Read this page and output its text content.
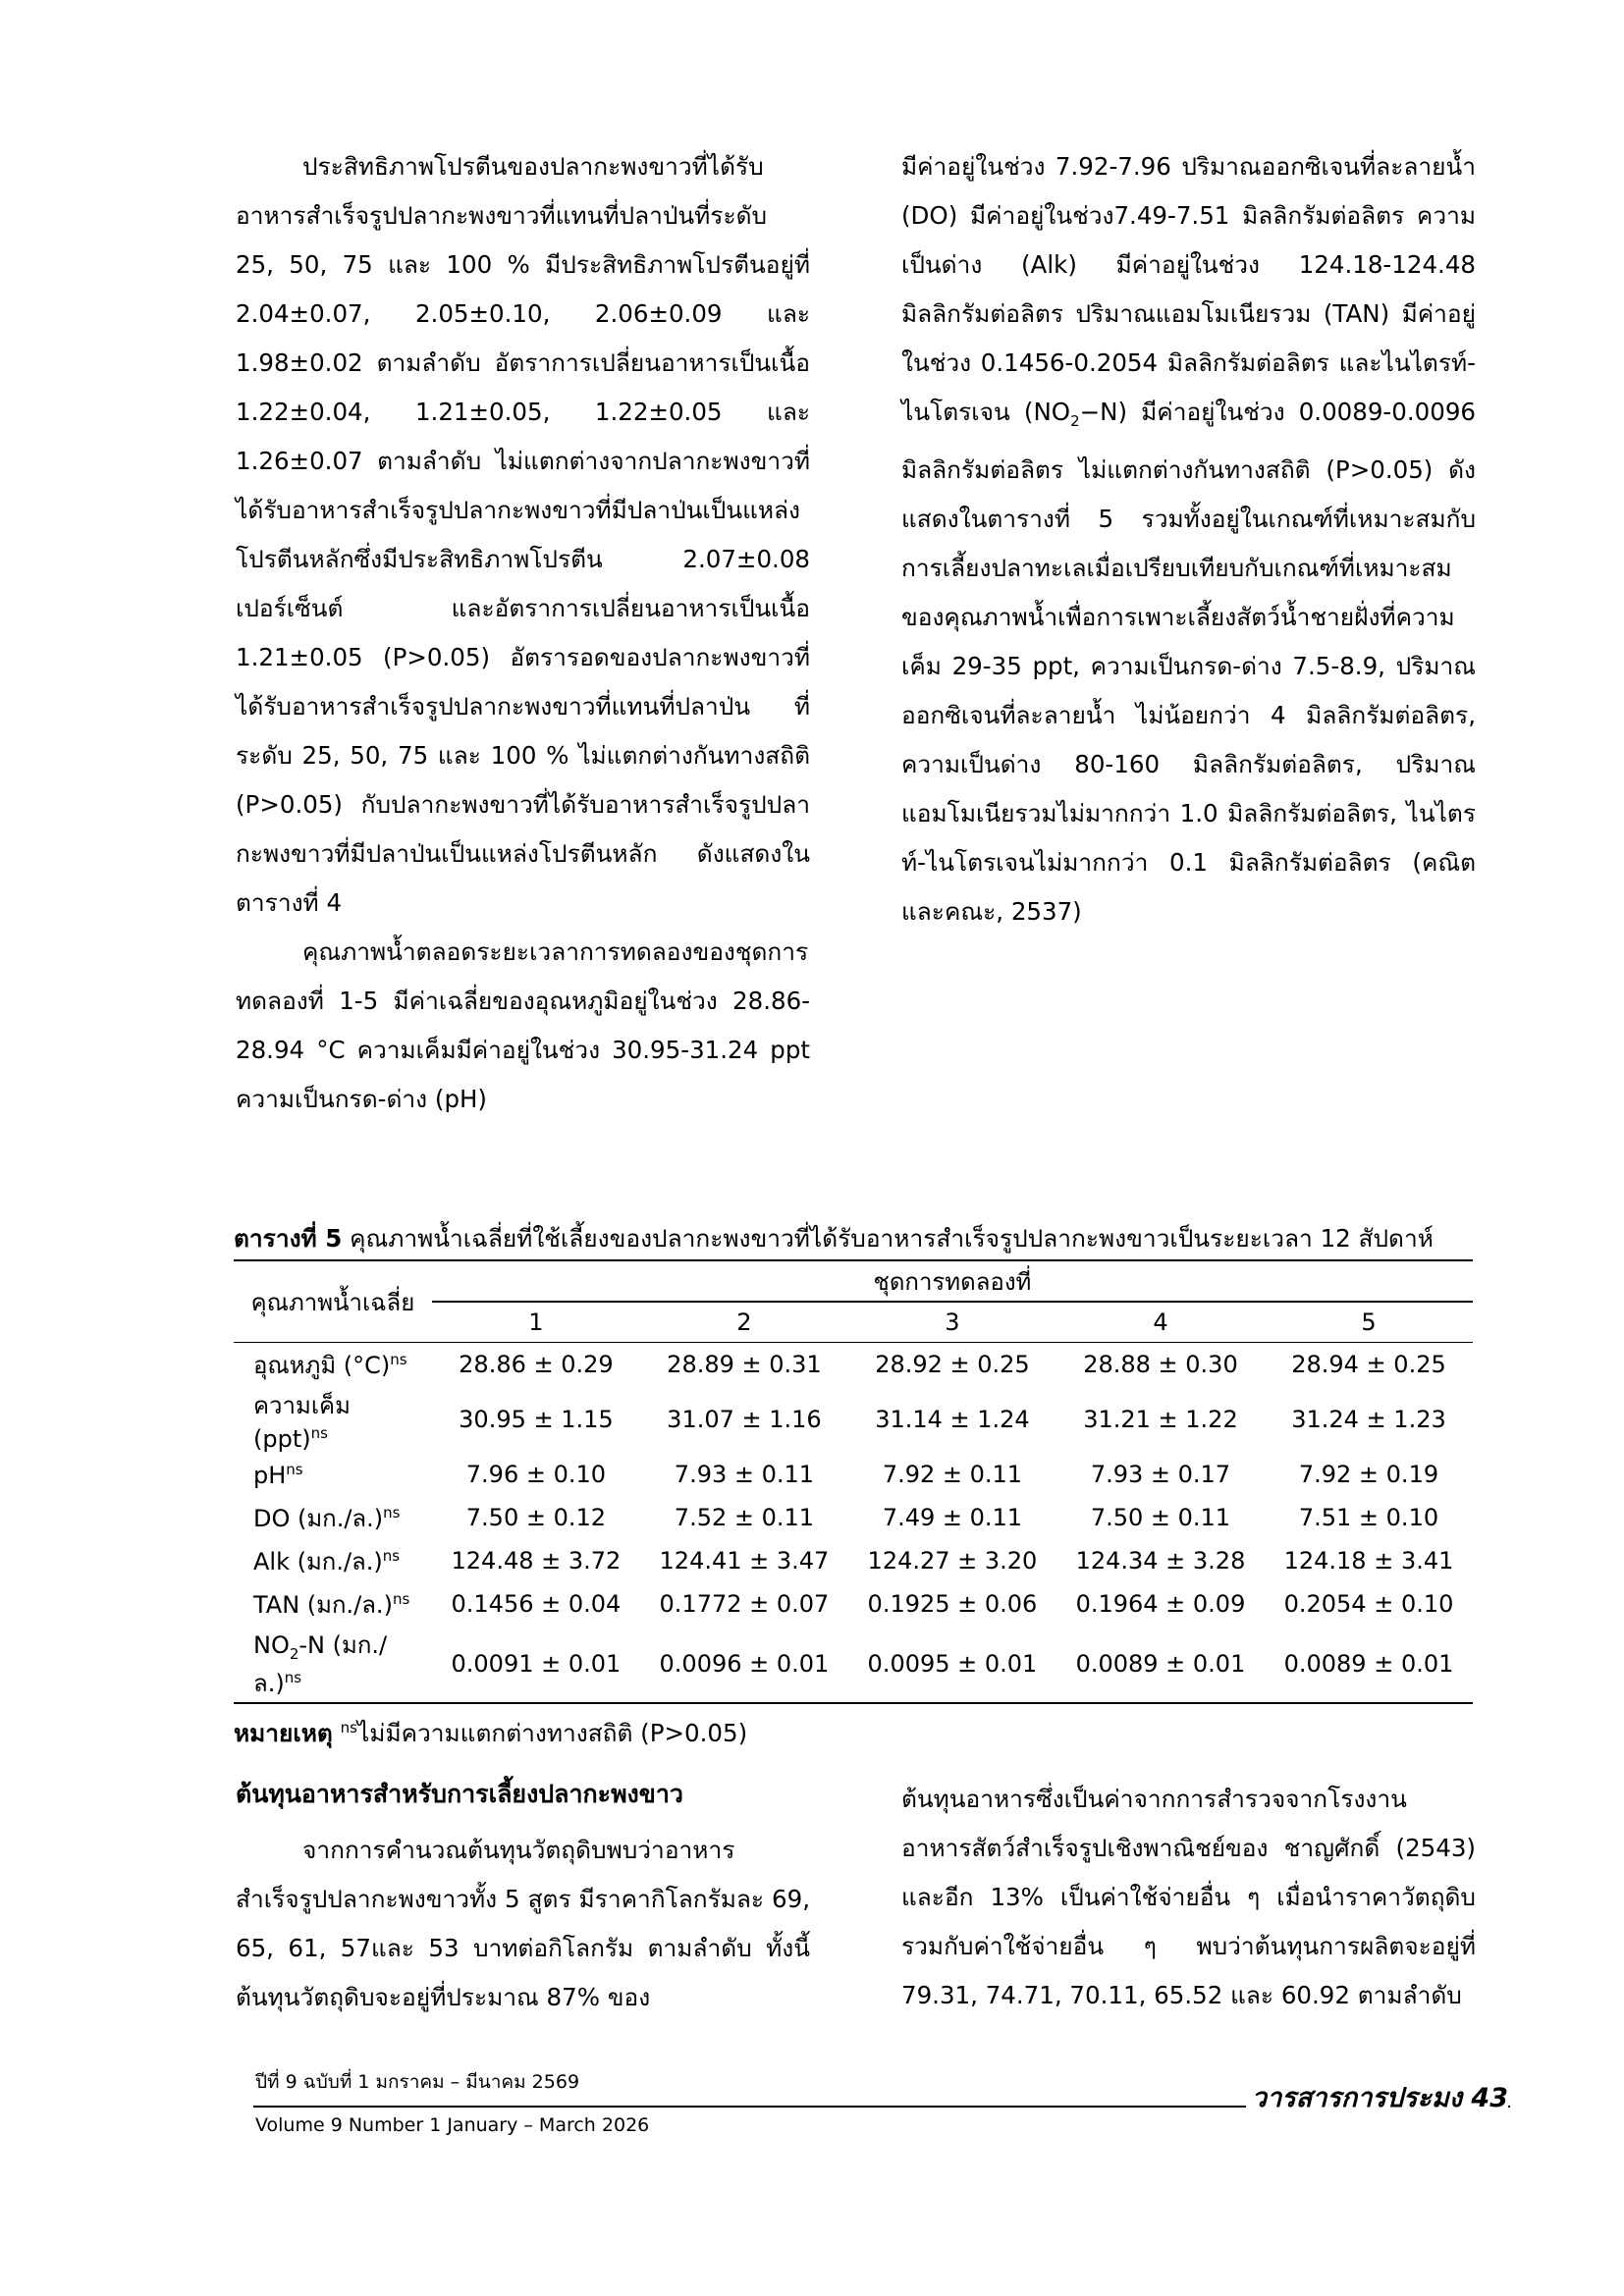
ประสิทธิภาพโปรตีนของปลากะพงขาวที่ได้รับอาหารสำเร็จรูปปลากะพงขาวที่แทนที่ปลาป่นที่ระดับ 25, 50, 75 และ 100 % มีประสิทธิภาพโปรตีนอยู่ที่ 2.04±0.07, 2.05±0.10, 2.06±0.09 และ 1.98±0.02 ตามลำดับ อัตราการเปลี่ยนอาหารเป็นเนื้อ 1.22±0.04, 1.21±0.05, 1.22±0.05 และ 1.26±0.07 ตามลำดับ ไม่แตกต่างจากปลากะพงขาวที่ได้รับอาหารสำเร็จรูปปลากะพงขาวที่มีปลาป่นเป็นแหล่งโปรตีนหลักซึ่งมีประสิทธิภาพโปรตีน 2.07±0.08 เปอร์เซ็นต์ และอัตราการเปลี่ยนอาหารเป็นเนื้อ 1.21±0.05 (P>0.05) อัตรารอดของปลากะพงขาวที่ได้รับอาหารสำเร็จรูปปลากะพงขาวที่แทนที่ปลาป่น ที่ระดับ 25, 50, 75 และ 100 % ไม่แตกต่างกันทางสถิติ (P>0.05) กับปลากะพงขาวที่ได้รับอาหารสำเร็จรูปปลากะพงขาวที่มีปลาป่นเป็นแหล่งโปรตีนหลัก ดังแสดงในตารางที่ 4

คุณภาพน้ำตลอดระยะเวลาการทดลองของชุดการทดลองที่ 1-5 มีค่าเฉลี่ยของอุณหภูมิอยู่ในช่วง 28.86-28.94 °C ความเค็มมีค่าอยู่ในช่วง 30.95-31.24 ppt ความเป็นกรด-ด่าง (pH)

มีค่าอยู่ในช่วง 7.92-7.96 ปริมาณออกซิเจนที่ละลายน้ำ (DO) มีค่าอยู่ในช่วง7.49-7.51 มิลลิกรัมต่อลิตร ความเป็นด่าง (Alk) มีค่าอยู่ในช่วง 124.18-124.48 มิลลิกรัมต่อลิตร ปริมาณแอมโมเนียรวม (TAN) มีค่าอยู่ในช่วง 0.1456-0.2054 มิลลิกรัมต่อลิตร และไนไตรท์-ไนโตรเจน $(NO_2-N)$ มีค่าอยู่ในช่วง 0.0089-0.0096 มิลลิกรัมต่อลิตร ไม่แตกต่างกันทางสถิติ (P>0.05) ดังแสดงในตารางที่ 5 รวมทั้งอยู่ในเกณฑ์ที่เหมาะสมกับการเลี้ยงปลาทะเลเมื่อเปรียบเทียบกับเกณฑ์ที่เหมาะสมของคุณภาพน้ำเพื่อการเพาะเลี้ยงสัตว์น้ำชายฝั่งที่ความเค็ม 29-35 ppt, ความเป็นกรด-ด่าง 7.5-8.9, ปริมาณออกซิเจนที่ละลายน้ำ ไม่น้อยกว่า 4 มิลลิกรัมต่อลิตร, ความเป็นด่าง 80-160 มิลลิกรัมต่อลิตร, ปริมาณแอมโมเนียรวมไม่มากกว่า 1.0 มิลลิกรัมต่อลิตร, ไนไตรท์-ไนโตรเจนไม่มากกว่า 0.1 มิลลิกรัมต่อลิตร (คณิต และคณะ, 2537)

ตารางที่ 5 คุณภาพน้ำเฉลี่ยที่ใช้เลี้ยงของปลากะพงขาวที่ได้รับอาหารสำเร็จรูปปลากะพงขาวเป็นระยะเวลา 12 สัปดาห์
คุณภาพน้ำเฉลี่ย	ชุดการทดลองที่				
	1	2	3	4	5
อุณหภูมิ $(^\circ C)^{ns}$	28.86 ± 0.29	28.89 ± 0.31	28.92 ± 0.25	28.88 ± 0.30	28.94 ± 0.25
ความเค็ม (ppt)$^{ns}$	30.95 ± 1.15	31.07 ± 1.16	31.14 ± 1.24	31.21 ± 1.22	31.24 ± 1.23
$pH^{ns}$	7.96 ± 0.10	7.93 ± 0.11	7.92 ± 0.11	7.93 ± 0.17	7.92 ± 0.19
DO (มก./ล.)$^{ns}$	7.50 ± 0.12	7.52 ± 0.11	7.49 ± 0.11	7.50 ± 0.11	7.51 ± 0.10
Alk (มก./ล.)$^{ns}$	124.48 ± 3.72	124.41 ± 3.47	124.27 ± 3.20	124.34 ± 3.28	124.18 ± 3.41
TAN (มก./ล.)$^{ns}$	0.1456 ± 0.04	0.1772 ± 0.07	0.1925 ± 0.06	0.1964 ± 0.09	0.2054 ± 0.10
$NO_2-N$ (มก./ล.)$^{ns}$	0.0091 ± 0.01	0.0096 ± 0.01	0.0095 ± 0.01	0.0089 ± 0.01	0.0089 ± 0.01
หมายเหตุ $^{ns}$ไม่มีความแตกต่างทางสถิติ (P>0.05)
ต้นทุนอาหารสำหรับการเลี้ยงปลากะพงขาว

จากการคำนวณต้นทุนวัตถุดิบพบว่าอาหารสำเร็จรูปปลากะพงขาวทั้ง 5 สูตร มีราคากิโลกรัมละ 69, 65, 61, 57และ 53 บาทต่อกิโลกรัม ตามลำดับ ทั้งนี้ต้นทุนวัตถุดิบจะอยู่ที่ประมาณ 87% ของ

ต้นทุนอาหารซึ่งเป็นค่าจากการสำรวจจากโรงงานอาหารสัตว์สำเร็จรูปเชิงพาณิชย์ของ ชาญศักดิ์ (2543) และอีก 13% เป็นค่าใช้จ่ายอื่น ๆ เมื่อนำราคาวัตถุดิบรวมกับค่าใช้จ่ายอื่น ๆ พบว่าต้นทุนการผลิตจะอยู่ที่ 79.31, 74.71, 70.11, 65.52 และ 60.92 ตามลำดับ

ปีที่ 9 ฉบับที่ 1 มกราคม – มีนาคม 2569
Volume 9 Number 1 January – March 2026
วารสารการประมง 43
